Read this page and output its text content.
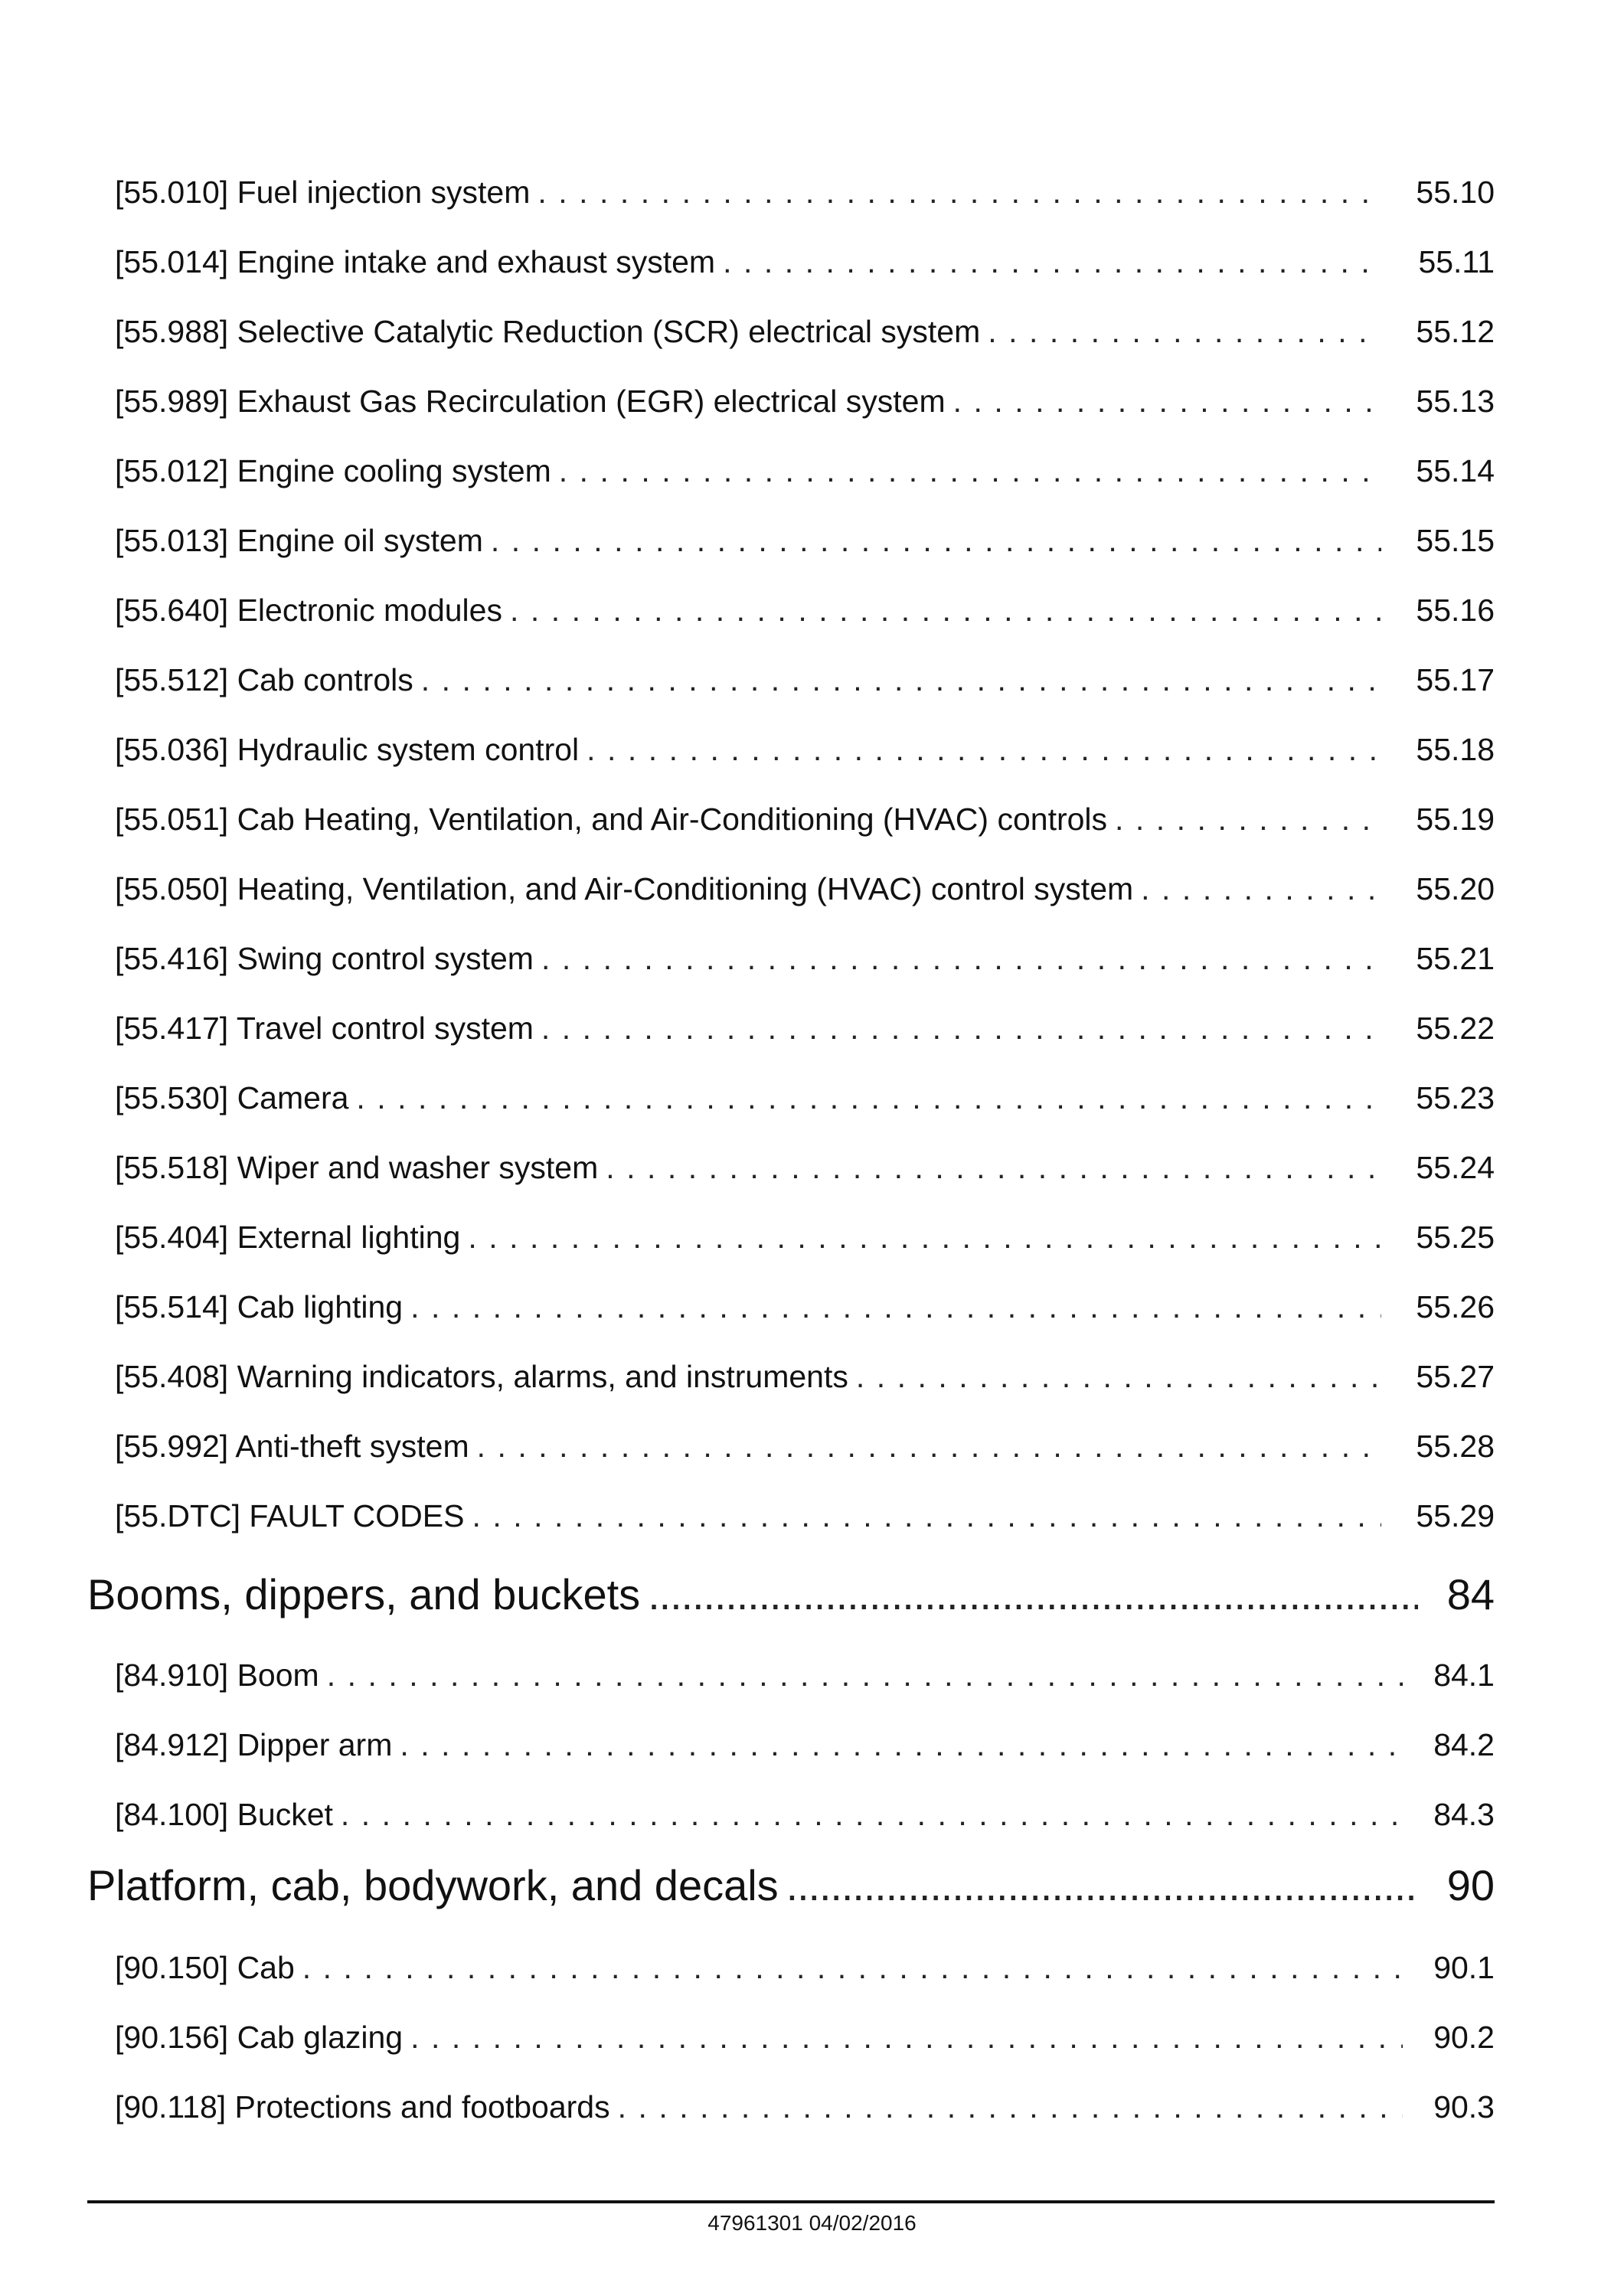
[55.010] Fuel injection system . . .	55.10
[55.014] Engine intake and exhaust system . . .	55.11
[55.988] Selective Catalytic Reduction (SCR) electrical system . . .	55.12
[55.989] Exhaust Gas Recirculation (EGR) electrical system . . .	55.13
[55.012] Engine cooling system . . .	55.14
[55.013] Engine oil system . . .	55.15
[55.640] Electronic modules . . .	55.16
[55.512] Cab controls . . .	55.17
[55.036] Hydraulic system control . . .	55.18
[55.051] Cab Heating, Ventilation, and Air-Conditioning (HVAC) controls . . .	55.19
[55.050] Heating, Ventilation, and Air-Conditioning (HVAC) control system . . .	55.20
[55.416] Swing control system . . .	55.21
[55.417] Travel control system . . .	55.22
[55.530] Camera . . .	55.23
[55.518] Wiper and washer system . . .	55.24
[55.404] External lighting . . .	55.25
[55.514] Cab lighting . . .	55.26
[55.408] Warning indicators, alarms, and instruments . . .	55.27
[55.992] Anti-theft system . . .	55.28
[55.DTC] FAULT CODES . . .	55.29
Booms, dippers, and buckets .....	84
[84.910] Boom . . .	84.1
[84.912] Dipper arm . . .	84.2
[84.100] Bucket . . .	84.3
Platform, cab, bodywork, and decals .....	90
[90.150] Cab . . .	90.1
[90.156] Cab glazing . . .	90.2
[90.118] Protections and footboards . . .	90.3
47961301 04/02/2016
